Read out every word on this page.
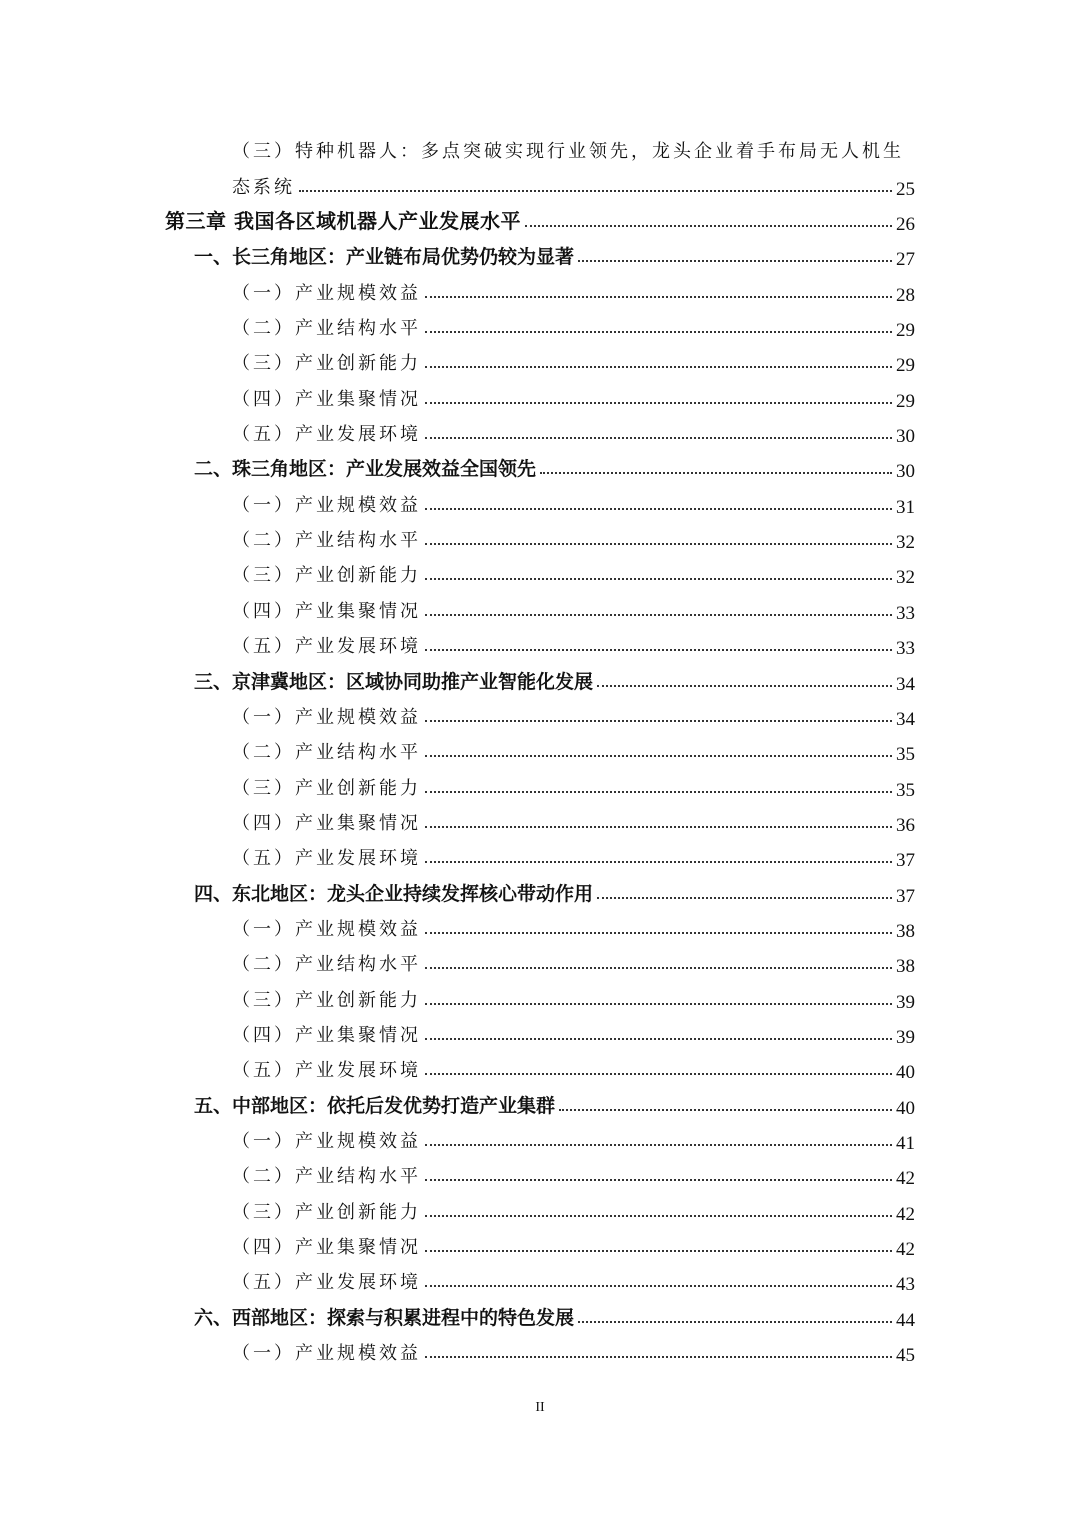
（三）特种机器人：多点突破实现行业领先，龙头企业着手布局无人机生
态系统	25
第三章 我国各区域机器人产业发展水平	26
一、长三角地区：产业链布局优势仍较为显著	27
（一）产业规模效益	28
（二）产业结构水平	29
（三）产业创新能力	29
（四）产业集聚情况	29
（五）产业发展环境	30
二、珠三角地区：产业发展效益全国领先	30
（一）产业规模效益	31
（二）产业结构水平	32
（三）产业创新能力	32
（四）产业集聚情况	33
（五）产业发展环境	33
三、京津冀地区：区域协同助推产业智能化发展	34
（一）产业规模效益	34
（二）产业结构水平	35
（三）产业创新能力	35
（四）产业集聚情况	36
（五）产业发展环境	37
四、东北地区：龙头企业持续发挥核心带动作用	37
（一）产业规模效益	38
（二）产业结构水平	38
（三）产业创新能力	39
（四）产业集聚情况	39
（五）产业发展环境	40
五、中部地区：依托后发优势打造产业集群	40
（一）产业规模效益	41
（二）产业结构水平	42
（三）产业创新能力	42
（四）产业集聚情况	42
（五）产业发展环境	43
六、西部地区：探索与积累进程中的特色发展	44
（一）产业规模效益	45
II
